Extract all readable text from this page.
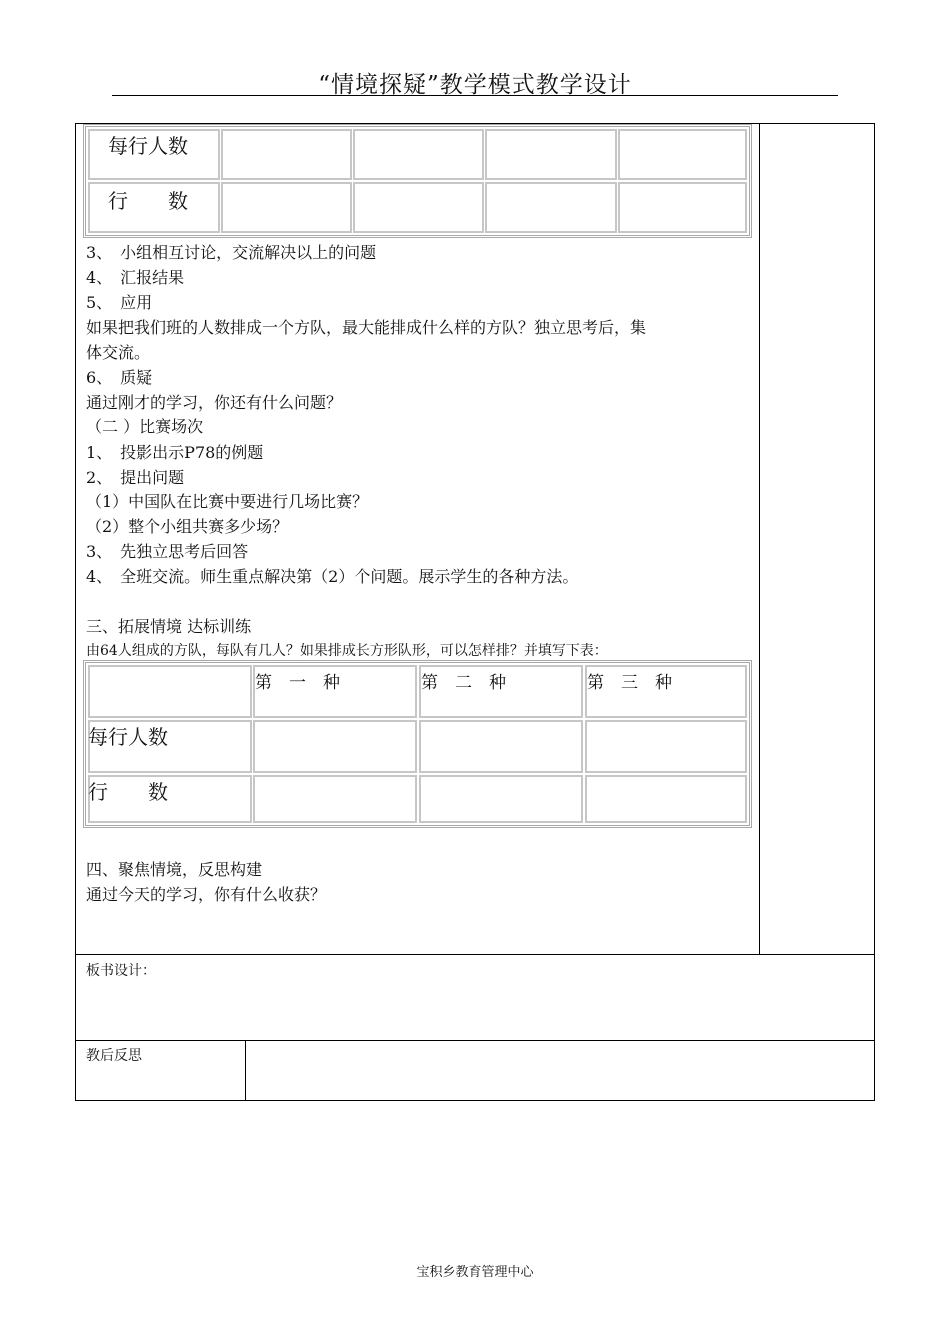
“情境探疑”教学模式教学设计
每行人数
行　　数
3、　小组相互讨论，交流解决以上的问题
4、　汇报结果
5、　应用
如果把我们班的人数排成一个方队，最大能排成什么样的方队？独立思考后，集
体交流。
6、　质疑
通过刚才的学习，你还有什么问题？
（二 ）比赛场次
1、　投影出示P78的例题
2、　提出问题
（1）中国队在比赛中要进行几场比赛？
（2）整个小组共赛多少场？
3、　先独立思考后回答
4、　全班交流。师生重点解决第（2）个问题。展示学生的各种方法。
三、拓展情境 达标训练
由64人组成的方队，每队有几人？如果排成长方形队形，可以怎样排？并填写下表：
第　一　种	第　二　种	第　三　种
每行人数
行　　数
四、聚焦情境，反思构建
通过今天的学习，你有什么收获？
板书设计：
教后反思
宝积乡教育管理中心
